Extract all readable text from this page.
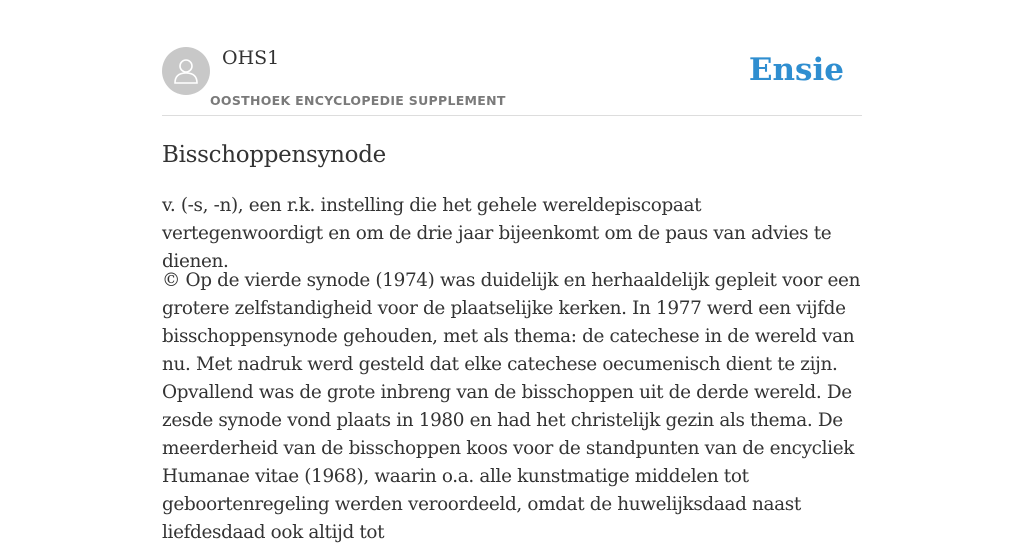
OHS1
OOSTHOEK ENCYCLOPEDIE SUPPLEMENT
Ensie
Bisschoppensynode

v. (-s, -n), een r.k. instelling die het gehele wereldepiscopaat vertegenwoordigt en om de drie jaar bijeenkomt om de paus van advies te dienen.

© Op de vierde synode (1974) was duidelijk en herhaaldelijk gepleit voor een grotere zelfstandigheid voor de plaatselijke kerken. In 1977 werd een vijfde bisschoppensynode gehouden, met als thema: de catechese in de wereld van nu. Met nadruk werd gesteld dat elke catechese oecumenisch dient te zijn. Opvallend was de grote inbreng van de bisschoppen uit de derde wereld. De zesde synode vond plaats in 1980 en had het christelijk gezin als thema. De meerderheid van de bisschoppen koos voor de standpunten van de encycliek Humanae vitae (1968), waarin o.a. alle kunstmatige middelen tot geboortenregeling werden veroordeeld, omdat de huwelijksdaad naast liefdesdaad ook altijd tot
